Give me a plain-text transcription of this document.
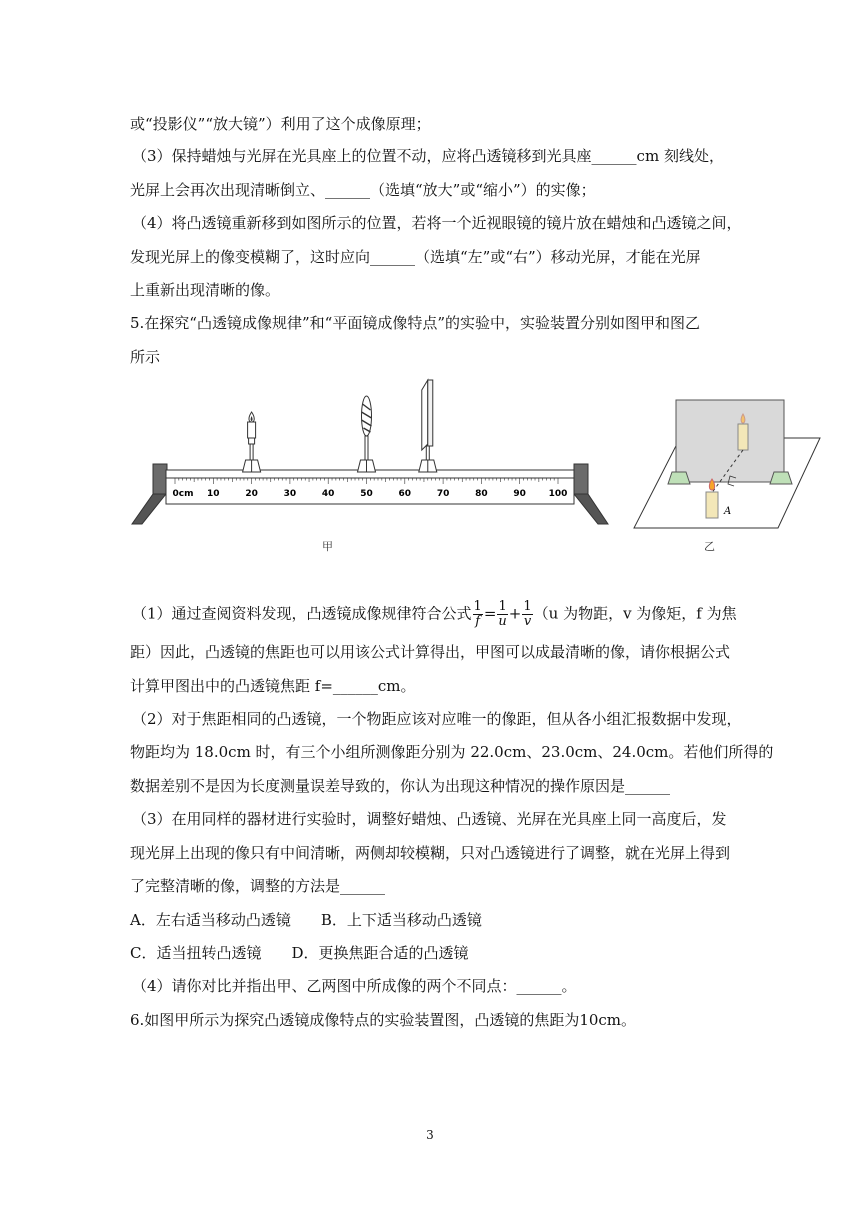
或“投影仪”“放大镜”）利用了这个成像原理；
（3）保持蜡烛与光屏在光具座上的位置不动，应将凸透镜移到光具座______cm 刻线处，
光屏上会再次出现清晰倒立、______（选填“放大”或“缩小”）的实像；
（4）将凸透镜重新移到如图所示的位置，若将一个近视眼镜的镜片放在蜡烛和凸透镜之间，
发现光屏上的像变模糊了，这时应向______（选填“左”或“右”）移动光屏，才能在光屏
上重新出现清晰的像。
5.在探究“凸透镜成像规律”和“平面镜成像特点”的实验中，实验装置分别如图甲和图乙
所示
0cm 10	20	30	40	50	60	70	80	90	100
甲
A
乙
（1）通过查阅资料发现，凸透镜成像规律符合公式 $\frac{1}{f} = \frac{1}{u} + \frac{1}{v} (u$ 为物距，v 为像矩，f 为焦
距）因此，凸透镜的焦距也可以用该公式计算得出，甲图可以成最清晰的像，请你根据公式
计算甲图出中的凸透镜焦距 f=______cm。
（2）对于焦距相同的凸透镜，一个物距应该对应唯一的像距，但从各小组汇报数据中发现，
物距均为 18.0cm 时，有三个小组所测像距分别为 22.0cm、23.0cm、24.0cm。若他们所得的
数据差别不是因为长度测量误差导致的，你认为出现这种情况的操作原因是______
（3）在用同样的器材进行实验时，调整好蜡烛、凸透镜、光屏在光具座上同一高度后，发
现光屏上出现的像只有中间清晰，两侧却较模糊，只对凸透镜进行了调整，就在光屏上得到
了完整清晰的像，调整的方法是______
A．左右适当移动凸透镜　　B．上下适当移动凸透镜
C．适当扭转凸透镜　　D．更换焦距合适的凸透镜
（4）请你对比并指出甲、乙两图中所成像的两个不同点：______。
6.如图甲所示为探究凸透镜成像特点的实验装置图，凸透镜的焦距为10cm。
3
